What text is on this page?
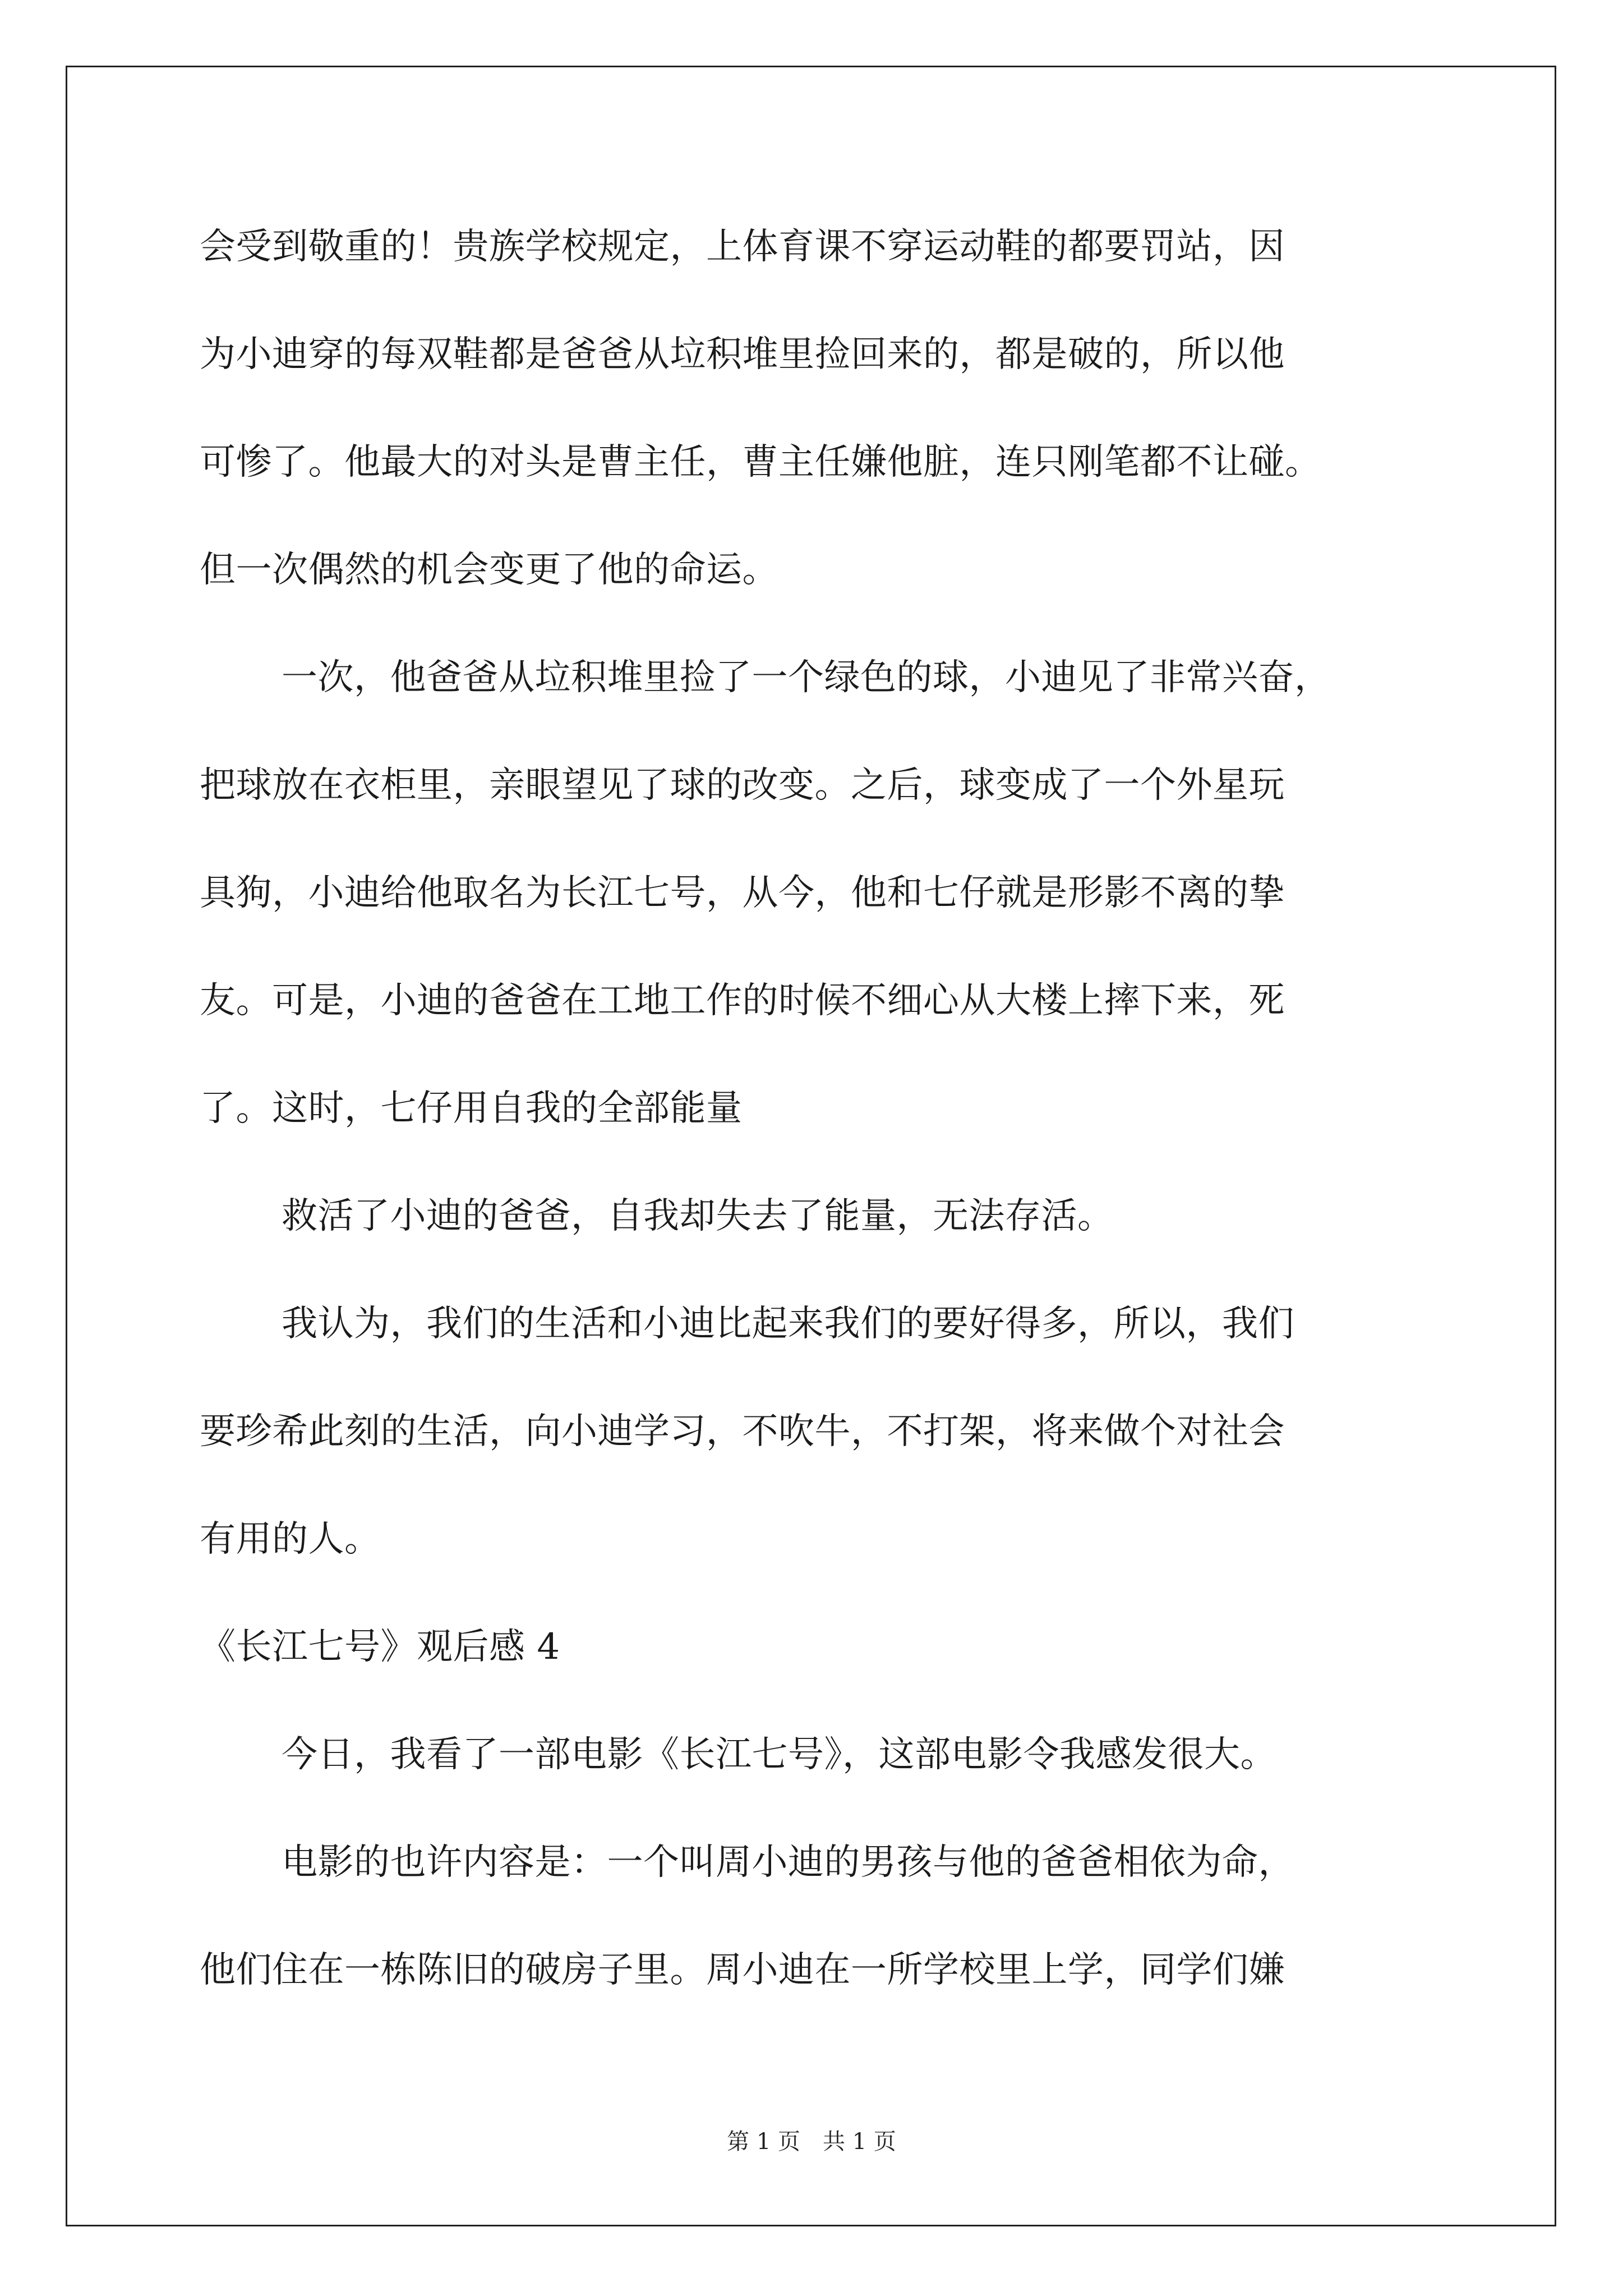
会受到敬重的！贵族学校规定，上体育课不穿运动鞋的都要罚站，因
为小迪穿的每双鞋都是爸爸从垃积堆里捡回来的，都是破的，所以他
可惨了。他最大的对头是曹主任，曹主任嫌他脏，连只刚笔都不让碰。
但一次偶然的机会变更了他的命运。
一次，他爸爸从垃积堆里捡了一个绿色的球，小迪见了非常兴奋，
把球放在衣柜里，亲眼望见了球的改变。之后，球变成了一个外星玩
具狗，小迪给他取名为长江七号，从今，他和七仔就是形影不离的挚
友。可是，小迪的爸爸在工地工作的时候不细心从大楼上摔下来，死
了。这时，七仔用自我的全部能量
救活了小迪的爸爸，自我却失去了能量，无法存活。
我认为，我们的生活和小迪比起来我们的要好得多，所以，我们
要珍希此刻的生活，向小迪学习，不吹牛，不打架，将来做个对社会
有用的人。
《长江七号》观后感 4
今日，我看了一部电影《长江七号》，这部电影令我感发很大。
电影的也许内容是：一个叫周小迪的男孩与他的爸爸相依为命，
他们住在一栋陈旧的破房子里。周小迪在一所学校里上学，同学们嫌
第 1 页　共 1 页
